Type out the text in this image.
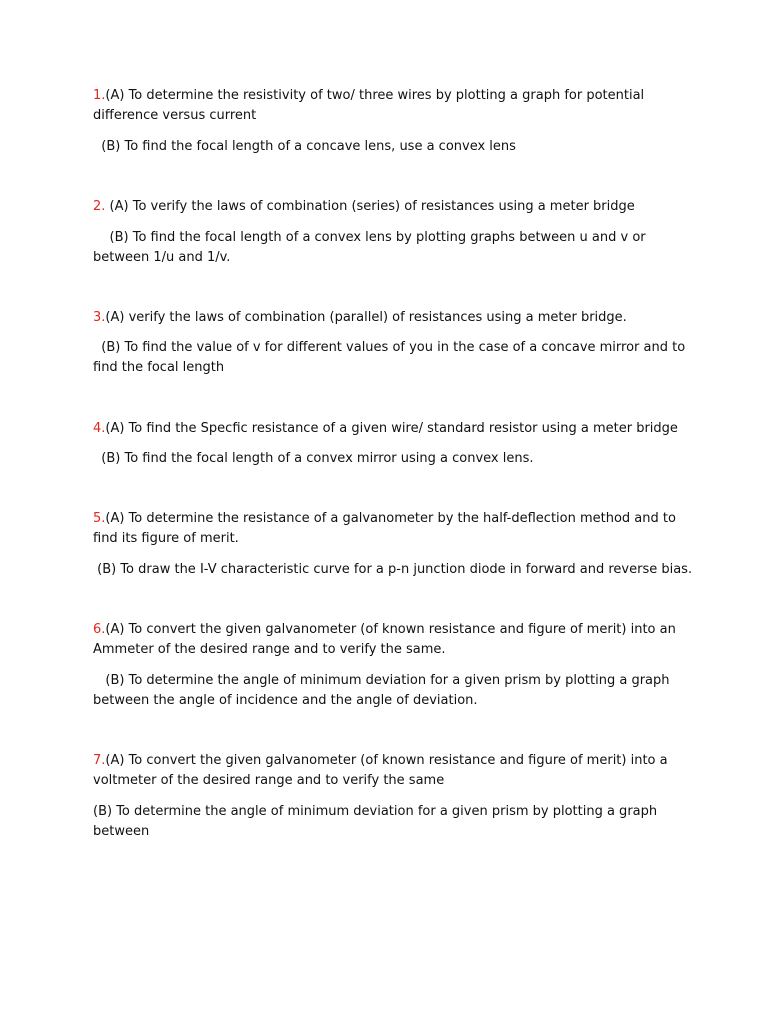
1.(A) To determine the resistivity of two/ three wires by plotting a graph for potential
difference versus current
(B) To find the focal length of a concave lens, use a convex lens
2. (A) To verify the laws of combination (series) of resistances using a meter bridge
(B) To find the focal length of a convex lens by plotting graphs between u and v or
between 1/u and 1/v.
3.(A) verify the laws of combination (parallel) of resistances using a meter bridge.
(B) To find the value of v for different values of you in the case of a concave mirror and to
find the focal length
4.(A) To find the Specfic resistance of a given wire/ standard resistor using a meter bridge
(B) To find the focal length of a convex mirror using a convex lens.
5.(A) To determine the resistance of a galvanometer by the half-deflection method and to
find its figure of merit.
(B) To draw the I-V characteristic curve for a p-n junction diode in forward and reverse bias.
6.(A) To convert the given galvanometer (of known resistance and figure of merit) into an
Ammeter of the desired range and to verify the same.
(B) To determine the angle of minimum deviation for a given prism by plotting a graph
between the angle of incidence and the angle of deviation.
7.(A) To convert the given galvanometer (of known resistance and figure of merit) into a
voltmeter of the desired range and to verify the same
(B) To determine the angle of minimum deviation for a given prism by plotting a graph
between
